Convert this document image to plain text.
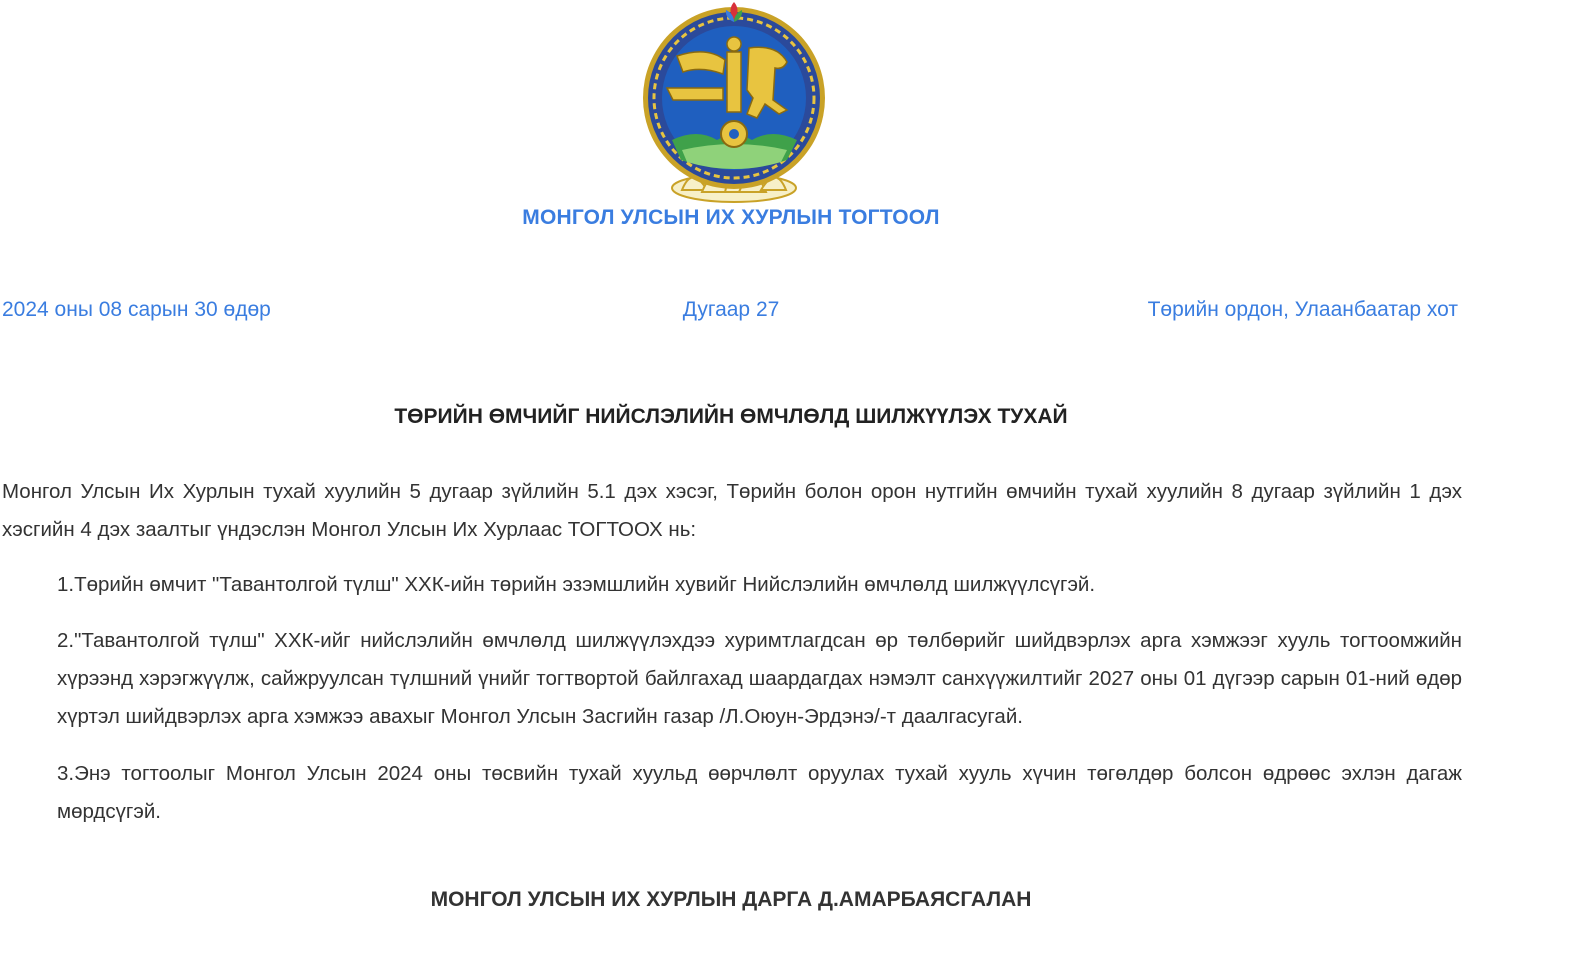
МОНГОЛ УЛСЫН ИХ ХУРЛЫН ТОГТООЛ
2024 оны 08 сарын 30 өдөр	Дугаар 27	Төрийн ордон, Улаанбаатар хот
ТӨРИЙН ӨМЧИЙГ НИЙСЛЭЛИЙН ӨМЧЛӨЛД ШИЛЖҮҮЛЭХ ТУХАЙ
Монгол Улсын Их Хурлын тухай хуулийн 5 дугаар зүйлийн 5.1 дэх хэсэг, Төрийн болон орон нутгийн өмчийн тухай хуулийн 8 дугаар зүйлийн 1 дэх хэсгийн 4 дэх заалтыг үндэслэн Монгол Улсын Их Хурлаас ТОГТООХ нь:
1.Төрийн өмчит "Тавантолгой түлш" ХХК-ийн төрийн эзэмшлийн хувийг Нийслэлийн өмчлөлд шилжүүлсүгэй.
2."Тавантолгой түлш" ХХК-ийг нийслэлийн өмчлөлд шилжүүлэхдээ хуримтлагдсан өр төлбөрийг шийдвэрлэх арга хэмжээг хууль тогтоомжийн хүрээнд хэрэгжүүлж, сайжруулсан түлшний үнийг тогтвортой байлгахад шаардагдах нэмэлт санхүүжилтийг 2027 оны 01 дүгээр сарын 01-ний өдөр хүртэл шийдвэрлэх арга хэмжээ авахыг Монгол Улсын Засгийн газар /Л.Оюун-Эрдэнэ/-т даалгасугай.
3.Энэ тогтоолыг Монгол Улсын 2024 оны төсвийн тухай хуульд өөрчлөлт оруулах тухай хууль хүчин төгөлдөр болсон өдрөөс эхлэн дагаж мөрдсүгэй.
МОНГОЛ УЛСЫН ИХ ХУРЛЫН ДАРГА Д.АМАРБАЯСГАЛАН
